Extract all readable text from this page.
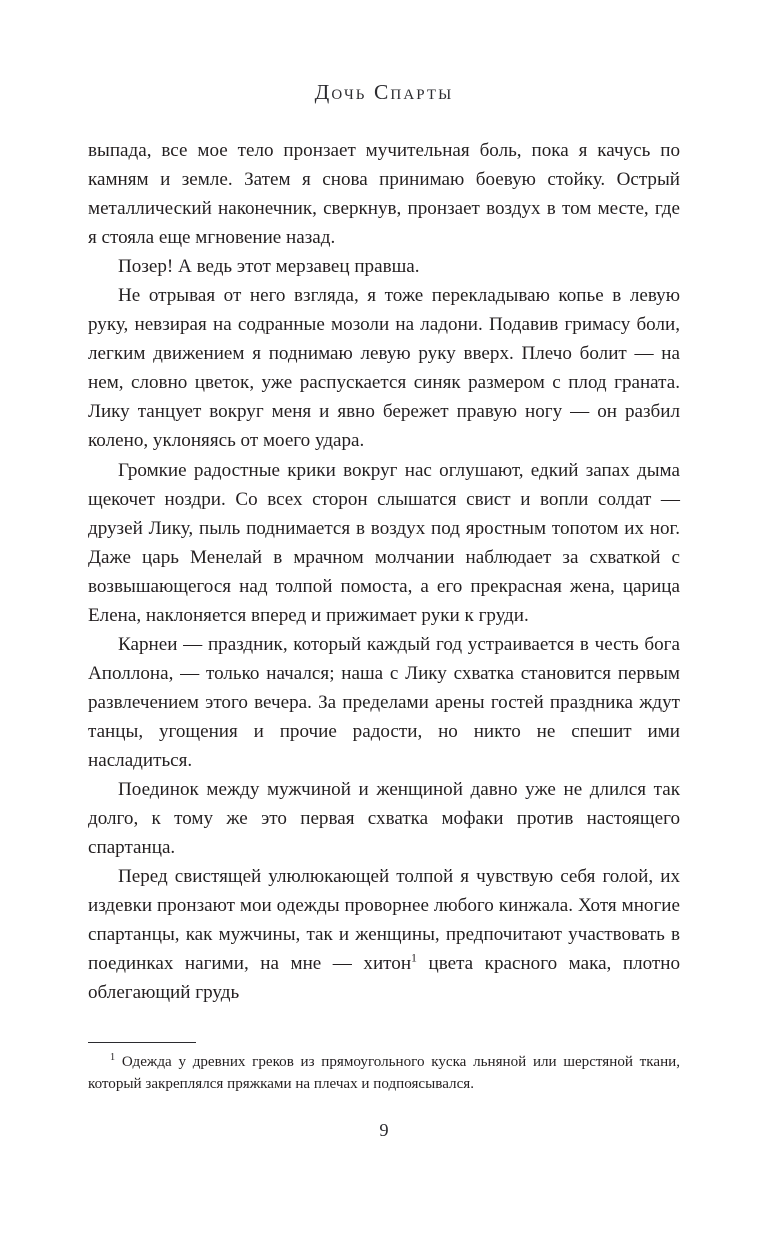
Дочь Спарты

выпада, все мое тело пронзает мучительная боль, пока я качусь по камням и земле. Затем я снова принимаю боевую стойку. Острый металлический наконечник, сверкнув, пронзает воздух в том месте, где я стояла еще мгновение назад.

Позер! А ведь этот мерзавец правша.

Не отрывая от него взгляда, я тоже перекладываю копье в левую руку, невзирая на содранные мозоли на ладони. Подавив гримасу боли, легким движением я поднимаю левую руку вверх. Плечо болит — на нем, словно цветок, уже распускается синяк размером с плод граната. Лику танцует вокруг меня и явно бережет правую ногу — он разбил колено, уклоняясь от моего удара.

Громкие радостные крики вокруг нас оглушают, едкий запах дыма щекочет ноздри. Со всех сторон слышатся свист и вопли солдат — друзей Лику, пыль поднимается в воздух под яростным топотом их ног. Даже царь Менелай в мрачном молчании наблюдает за схваткой с возвышающегося над толпой помоста, а его прекрасная жена, царица Елена, наклоняется вперед и прижимает руки к груди.

Карнеи — праздник, который каждый год устраивается в честь бога Аполлона, — только начался; наша с Лику схватка становится первым развлечением этого вечера. За пределами арены гостей праздника ждут танцы, угощения и прочие радости, но никто не спешит ими насладиться.

Поединок между мужчиной и женщиной давно уже не длился так долго, к тому же это первая схватка мофаки против настоящего спартанца.

Перед свистящей улюлюкающей толпой я чувствую себя голой, их издевки пронзают мои одежды проворнее любого кинжала. Хотя многие спартанцы, как мужчины, так и женщины, предпочитают участвовать в поединках нагими, на мне — хитон$^1$ цвета красного мака, плотно облегающий грудь

$^1$ Одежда у древних греков из прямоугольного куска льняной или шерстяной ткани, который закреплялся пряжками на плечах и подпоясывался.

9
